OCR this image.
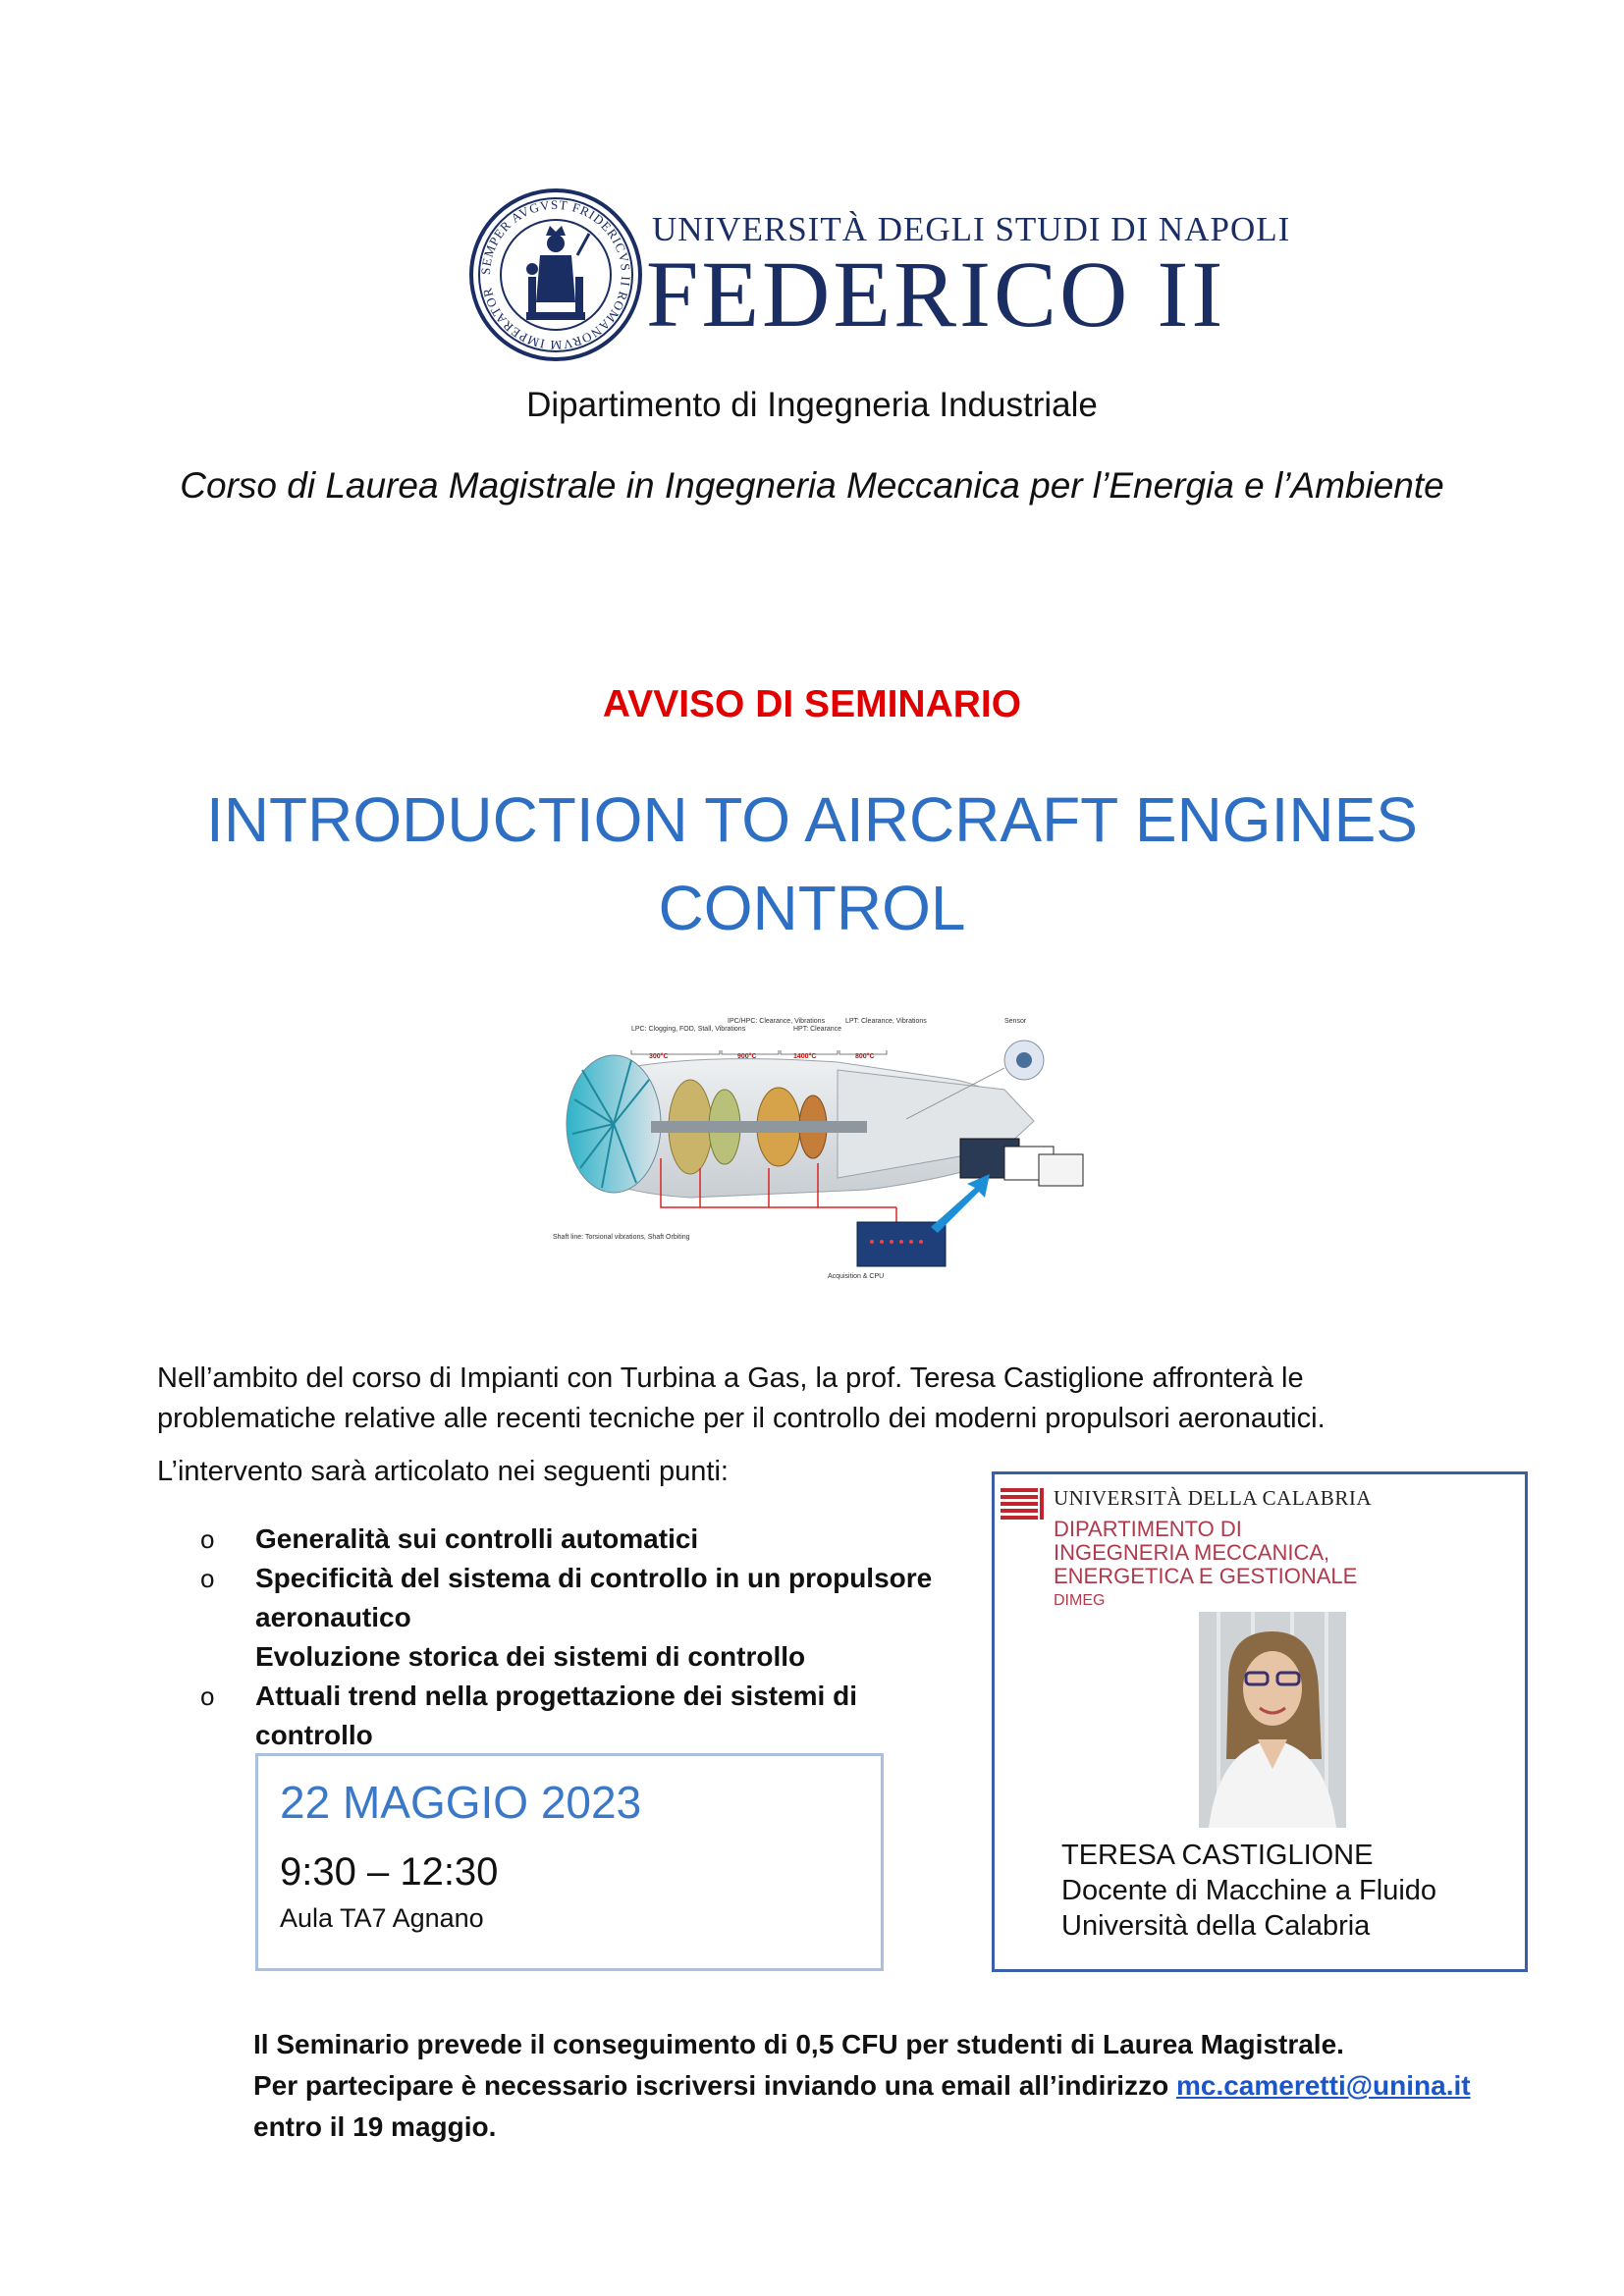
SEMPER AVGVST FRIDERICVS II ROMANORVM IMPERATOR
UNIVERSITÀ DEGLI STUDI DI NAPOLI
FEDERICO II
Dipartimento di Ingegneria Industriale
Corso di Laurea Magistrale in Ingegneria Meccanica per l’Energia e l’Ambiente
AVVISO DI SEMINARIO
INTRODUCTION TO AIRCRAFT ENGINES CONTROL
LPC: Clogging, FOD, Stall, Vibrations
IPC/HPC: Clearance, Vibrations
HPT: Clearance
LPT: Clearance, Vibrations	Sensor
Shaft line: Torsional vibrations, Shaft Orbiting
Acquisition & CPU
300°C	900°C	1400°C	800°C
Nell’ambito del corso di Impianti con Turbina a Gas, la prof. Teresa Castiglione affronterà le problematiche relative alle recenti tecniche per il controllo dei moderni propulsori aeronautici.
L’intervento sarà articolato nei seguenti punti:
o Generalità sui controlli automatici
o Specificità del sistema di controllo in un propulsore aeronautico
Evoluzione storica dei sistemi di controllo
o Attuali trend nella progettazione dei sistemi di controllo
22 MAGGIO 2023
9:30 – 12:30
Aula TA7 Agnano
UNIVERSITÀ DELLA CALABRIA
DIPARTIMENTO DI
INGEGNERIA MECCANICA,
ENERGETICA E GESTIONALE
DIMEG
TERESA CASTIGLIONE
Docente di Macchine a Fluido
Università della Calabria
Il Seminario prevede il conseguimento di 0,5 CFU per studenti di Laurea Magistrale.
Per partecipare è necessario iscriversi inviando una email all’indirizzo mc.cameretti@unina.it
entro il 19 maggio.
